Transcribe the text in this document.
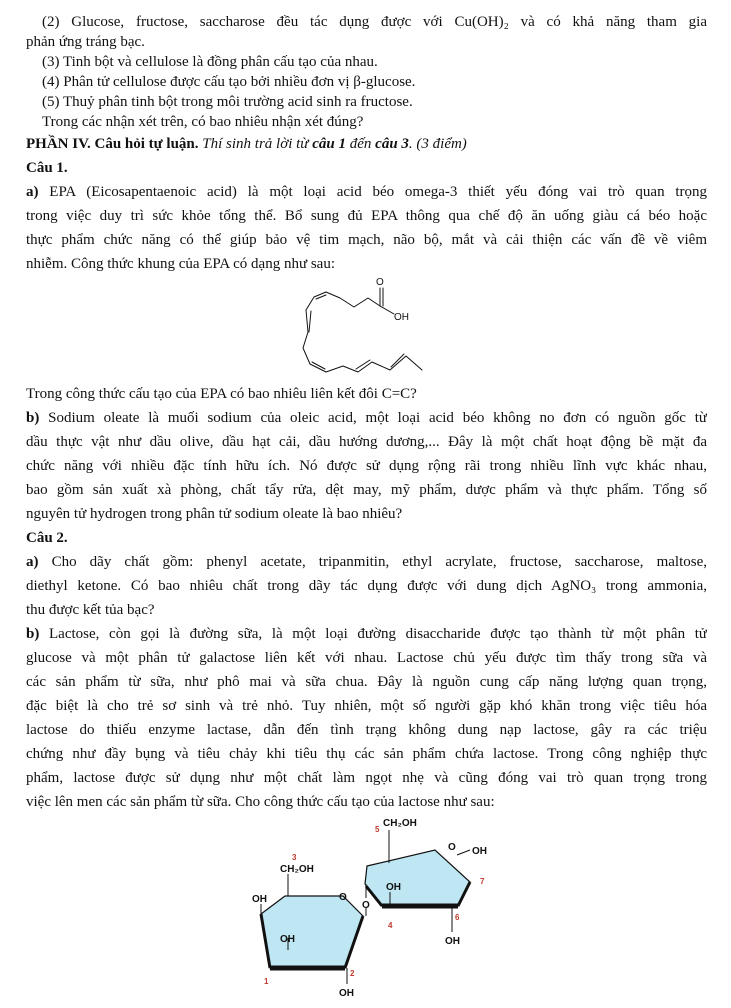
(2) Glucose, fructose, saccharose đều tác dụng được với Cu(OH)₂ và có khả năng tham gia

phản ứng tráng bạc.

(3) Tinh bột và cellulose là đồng phân cấu tạo của nhau.

(4) Phân tử cellulose được cấu tạo bởi nhiều đơn vị β-glucose.

(5) Thuỷ phân tinh bột trong môi trường acid sinh ra fructose.

Trong các nhận xét trên, có bao nhiêu nhận xét đúng?

PHẦN IV. Câu hỏi tự luận. Thí sinh trả lời từ câu 1 đến câu 3. (3 điểm)

Câu 1.

a) EPA (Eicosapentaenoic acid) là một loại acid béo omega-3 thiết yếu đóng vai trò quan trọng

trong việc duy trì sức khỏe tổng thể. Bổ sung đủ EPA thông qua chế độ ăn uống giàu cá béo hoặc

thực phẩm chức năng có thể giúp bảo vệ tim mạch, não bộ, mắt và cải thiện các vấn đề về viêm

nhiễm. Công thức khung của EPA có dạng như sau:

O
OH

Trong công thức cấu tạo của EPA có bao nhiêu liên kết đôi C=C?

b) Sodium oleate là muối sodium của oleic acid, một loại acid béo không no đơn có nguồn gốc từ

dầu thực vật như dầu olive, dầu hạt cải, dầu hướng dương,... Đây là một chất hoạt động bề mặt đa

chức năng với nhiều đặc tính hữu ích. Nó được sử dụng rộng rãi trong nhiều lĩnh vực khác nhau,

bao gồm sản xuất xà phòng, chất tẩy rửa, dệt may, mỹ phẩm, dược phẩm và thực phẩm. Tổng số

nguyên tử hydrogen trong phân tử sodium oleate là bao nhiêu?

Câu 2.

a) Cho dãy chất gồm: phenyl acetate, tripanmitin, ethyl acrylate, fructose, saccharose, maltose,

diethyl ketone. Có bao nhiêu chất trong dãy tác dụng được với dung dịch AgNO₃ trong ammonia,

thu được kết tủa bạc?

b) Lactose, còn gọi là đường sữa, là một loại đường disaccharide được tạo thành từ một phân tử

glucose và một phân tử galactose liên kết với nhau. Lactose chủ yếu được tìm thấy trong sữa và

các sản phẩm từ sữa, như phô mai và sữa chua. Đây là nguồn cung cấp năng lượng quan trọng,

đặc biệt là cho trẻ sơ sinh và trẻ nhỏ. Tuy nhiên, một số người gặp khó khăn trong việc tiêu hóa

lactose do thiếu enzyme lactase, dẫn đến tình trạng không dung nạp lactose, gây ra các triệu

chứng như đầy bụng và tiêu chảy khi tiêu thụ các sản phẩm chứa lactose. Trong công nghiệp thực

phẩm, lactose được sử dụng như một chất làm ngọt nhẹ và cũng đóng vai trò quan trọng trong

việc lên men các sản phẩm từ sữa. Cho công thức cấu tạo của lactose như sau:

CH₂OH
5
O OH
7
OH
O
4
6
OH
3
CH₂OH
O
OH
OH
1
2
OH
